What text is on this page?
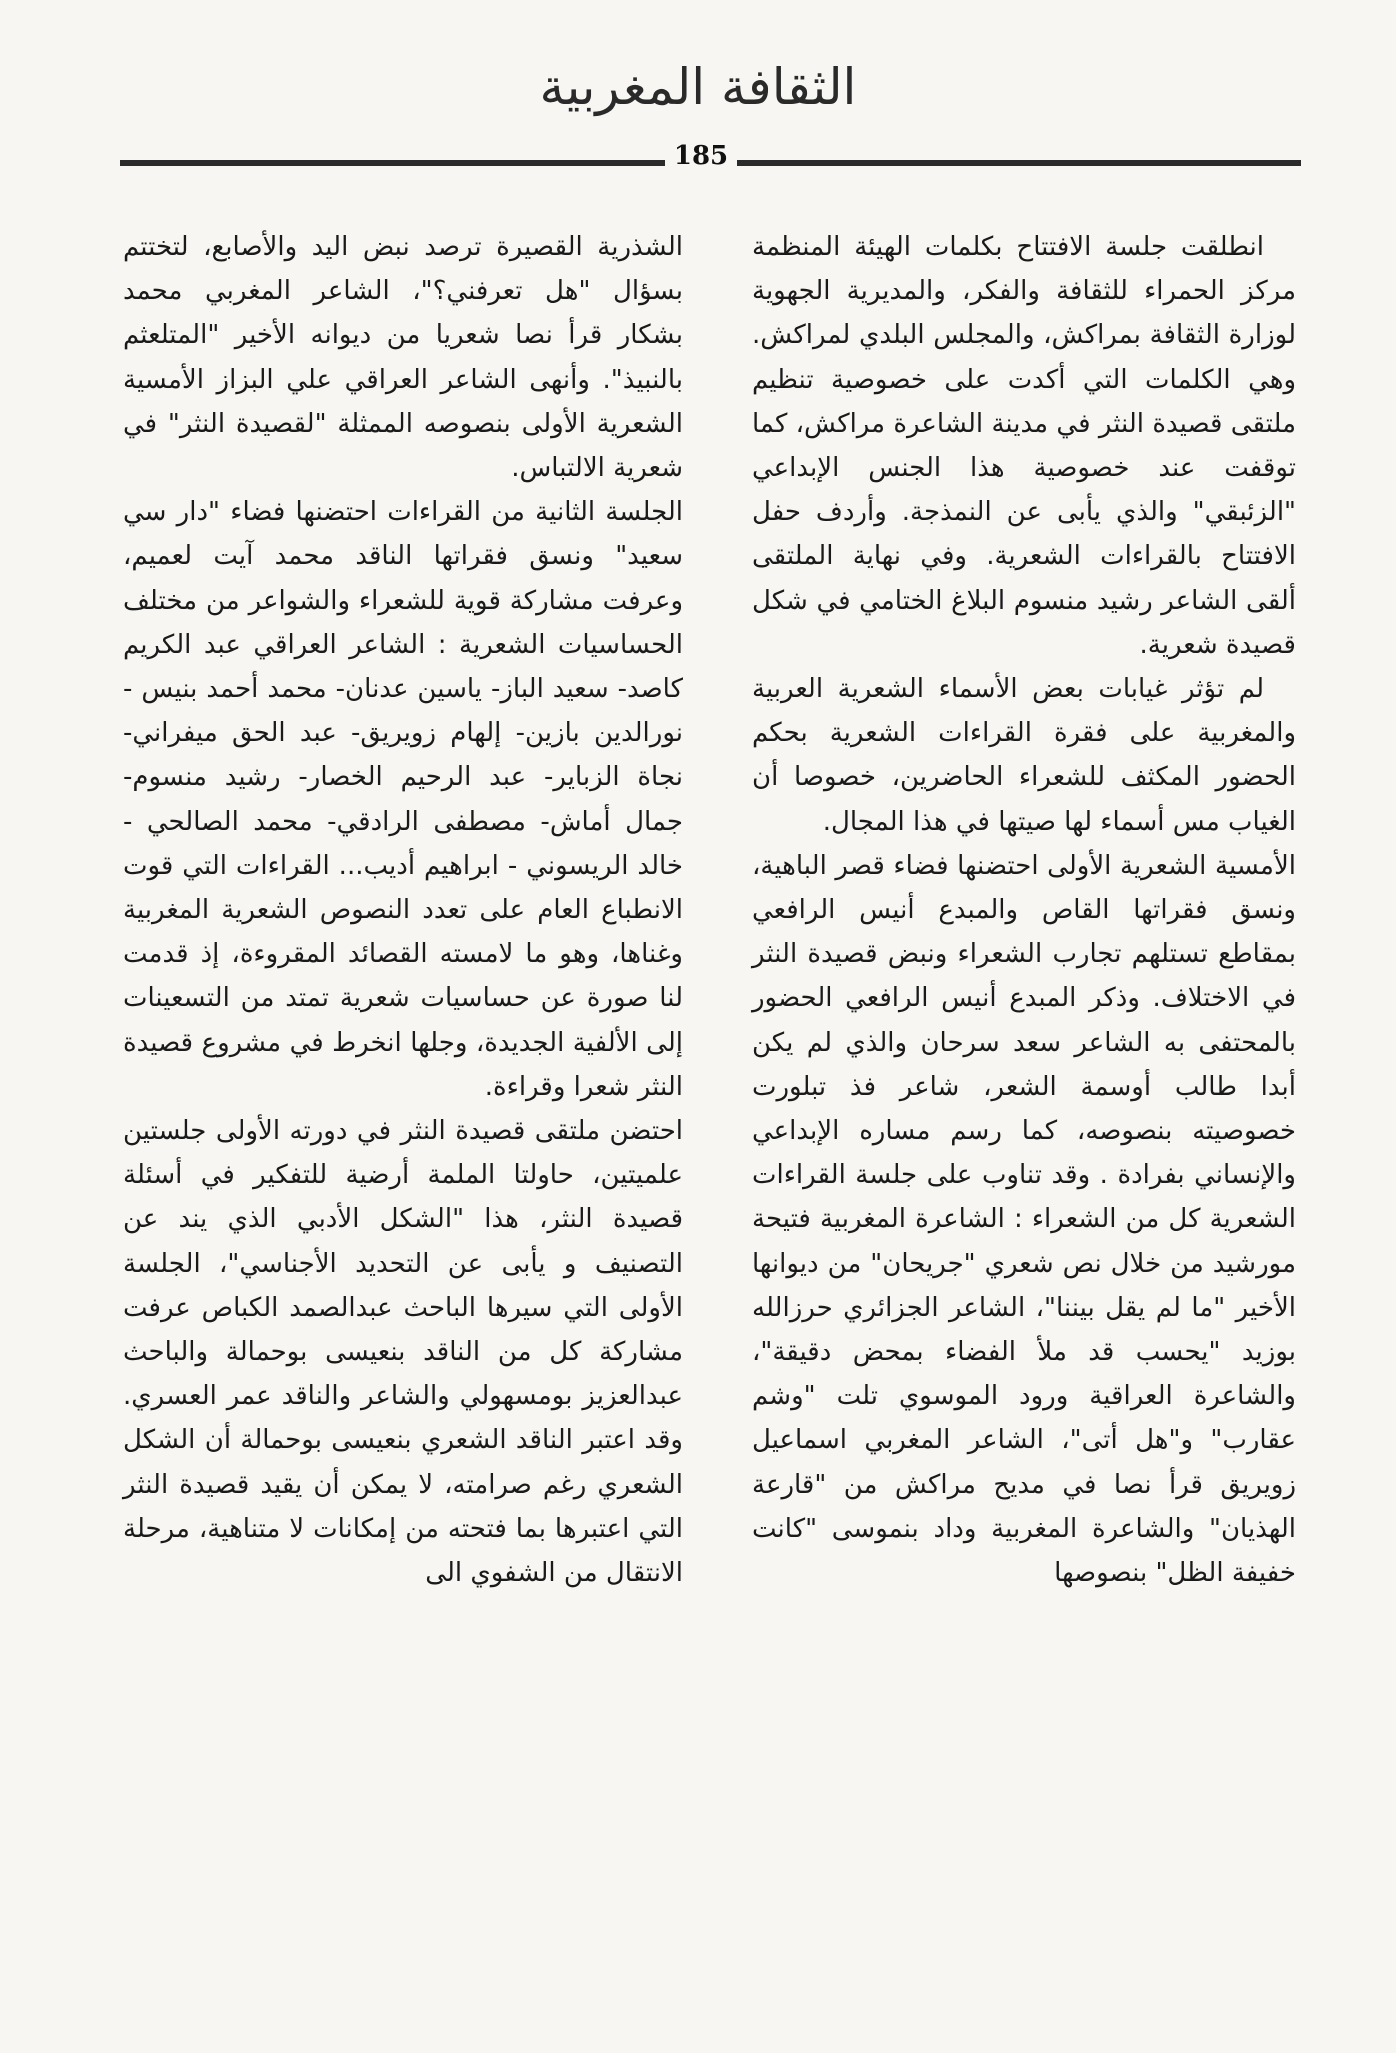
الثقافة المغربية
185

انطلقت جلسة الافتتاح بكلمات الهيئة المنظمة مركز الحمراء للثقافة والفكر، والمديرية الجهوية لوزارة الثقافة بمراكش، والمجلس البلدي لمراكش. وهي الكلمات التي أكدت على خصوصية تنظيم ملتقى قصيدة النثر في مدينة الشاعرة مراكش، كما توقفت عند خصوصية هذا الجنس الإبداعي "الزئبقي" والذي يأبى عن النمذجة. وأردف حفل الافتتاح بالقراءات الشعرية. وفي نهاية الملتقى ألقى الشاعر رشيد منسوم البلاغ الختامي في شكل قصيدة شعرية.

لم تؤثر غيابات بعض الأسماء الشعرية العربية والمغربية على فقرة القراءات الشعرية بحكم الحضور المكثف للشعراء الحاضرين، خصوصا أن الغياب مس أسماء لها صيتها في هذا المجال.

الأمسية الشعرية الأولى احتضنها فضاء قصر الباهية، ونسق فقراتها القاص والمبدع أنيس الرافعي بمقاطع تستلهم تجارب الشعراء ونبض قصيدة النثر في الاختلاف. وذكر المبدع أنيس الرافعي الحضور بالمحتفى به الشاعر سعد سرحان والذي لم يكن أبدا طالب أوسمة الشعر، شاعر فذ تبلورت خصوصيته بنصوصه، كما رسم مساره الإبداعي والإنساني بفرادة . وقد تناوب على جلسة القراءات الشعرية كل من الشعراء : الشاعرة المغربية فتيحة مورشيد من خلال نص شعري "جريحان" من ديوانها الأخير "ما لم يقل بيننا"، الشاعر الجزائري حرزالله بوزيد "يحسب قد ملأ الفضاء بمحض دقيقة"، والشاعرة العراقية ورود الموسوي تلت "وشم عقارب" و"هل أتى"، الشاعر المغربي اسماعيل زويريق قرأ نصا في مديح مراكش من "قارعة الهذيان" والشاعرة المغربية وداد بنموسى "كانت خفيفة الظل" بنصوصها

الشذرية القصيرة ترصد نبض اليد والأصابع، لتختتم بسؤال "هل تعرفني؟"، الشاعر المغربي محمد بشكار قرأ نصا شعريا من ديوانه الأخير "المتلعثم بالنبيذ". وأنهى الشاعر العراقي علي البزاز الأمسية الشعرية الأولى بنصوصه الممثلة "لقصيدة النثر" في شعرية الالتباس.

الجلسة الثانية من القراءات احتضنها فضاء "دار سي سعيد" ونسق فقراتها الناقد محمد آيت لعميم، وعرفت مشاركة قوية للشعراء والشواعر من مختلف الحساسيات الشعرية : الشاعر العراقي عبد الكريم كاصد- سعيد الباز- ياسين عدنان- محمد أحمد بنيس - نورالدين بازين- إلهام زويريق- عبد الحق ميفراني- نجاة الزباير- عبد الرحيم الخصار- رشيد منسوم- جمال أماش- مصطفى الرادقي- محمد الصالحي - خالد الريسوني - ابراهيم أديب... القراءات التي قوت الانطباع العام على تعدد النصوص الشعرية المغربية وغناها، وهو ما لامسته القصائد المقروءة، إذ قدمت لنا صورة عن حساسيات شعرية تمتد من التسعينات إلى الألفية الجديدة، وجلها انخرط في مشروع قصيدة النثر شعرا وقراءة.

احتضن ملتقى قصيدة النثر في دورته الأولى جلستين علميتين، حاولتا الملمة أرضية للتفكير في أسئلة قصيدة النثر، هذا "الشكل الأدبي الذي يند عن التصنيف و يأبى عن التحديد الأجناسي"، الجلسة الأولى التي سيرها الباحث عبدالصمد الكباص عرفت مشاركة كل من الناقد بنعيسى بوحمالة والباحث عبدالعزيز بومسهولي والشاعر والناقد عمر العسري. وقد اعتبر الناقد الشعري بنعيسى بوحمالة أن الشكل الشعري رغم صرامته، لا يمكن أن يقيد قصيدة النثر التي اعتبرها بما فتحته من إمكانات لا متناهية، مرحلة الانتقال من الشفوي الى
